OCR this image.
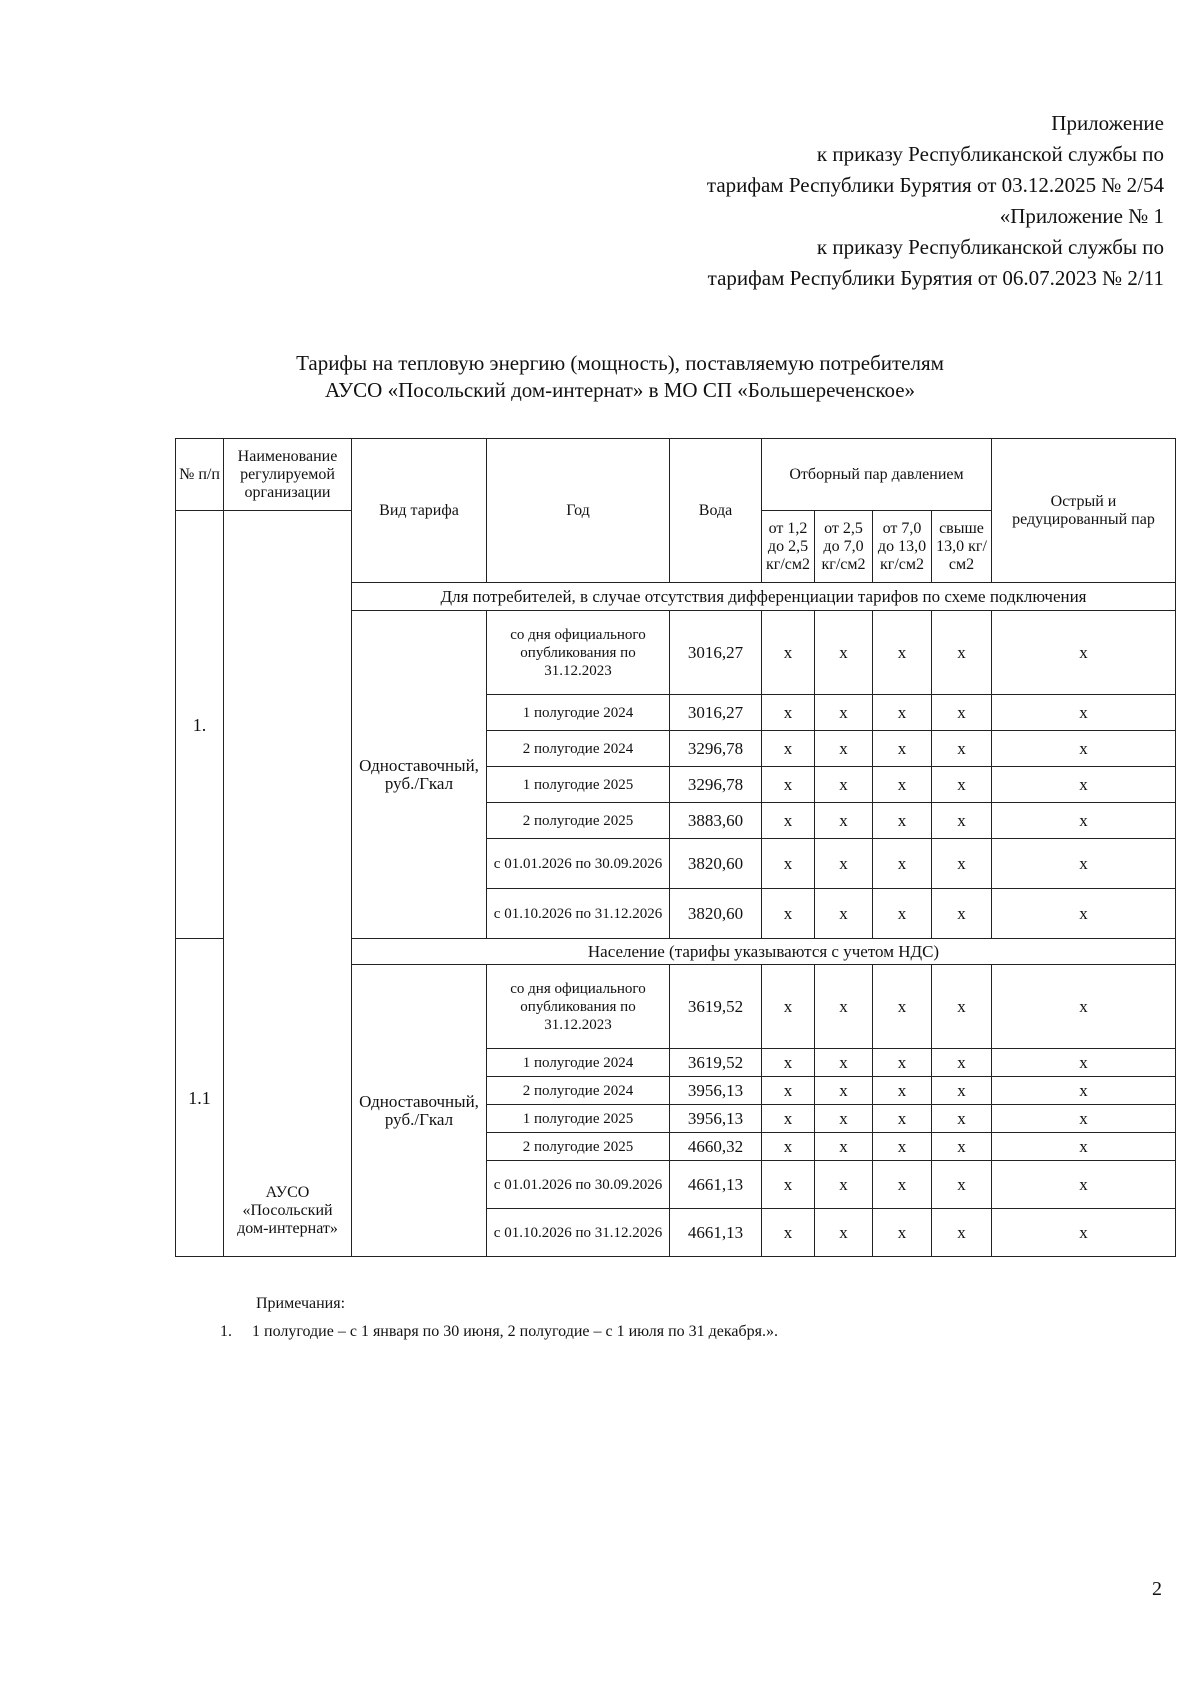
Приложение
к приказу Республиканской службы по
тарифам Республики Бурятия от 03.12.2025 № 2/54
«Приложение № 1
к приказу Республиканской службы по
тарифам Республики Бурятия от 06.07.2023 № 2/11
Тарифы на тепловую энергию (мощность), поставляемую потребителям
АУСО «Посольский дом-интернат» в МО СП «Большереченское»
№ п/п	Наименование регулируемой организации	Вид тарифа	Год	Вода	Отборный пар давлением				Острый и редуцированный пар
1.	АУСО «Посольский дом-интернат»				от 1,2 до 2,5 кг/см2	от 2,5 до 7,0 кг/см2	от 7,0 до 13,0 кг/см2	свыше 13,0 кг/см2	
		Для потребителей, в случае отсутствия дифференциации тарифов по схеме подключения							
		Одноставочный, руб./Гкал	со дня официального опубликования по 31.12.2023	3016,27	х	х	х	х	х
			1 полугодие 2024	3016,27	х	х	х	х	х
			2 полугодие 2024	3296,78	х	х	х	х	х
			1 полугодие 2025	3296,78	х	х	х	х	х
			2 полугодие 2025	3883,60	х	х	х	х	х
			с 01.01.2026 по 30.09.2026	3820,60	х	х	х	х	х
			с 01.10.2026 по 31.12.2026	3820,60	х	х	х	х	х
1.1		Население (тарифы указываются с учетом НДС)							
		Одноставочный, руб./Гкал	со дня официального опубликования по 31.12.2023	3619,52	х	х	х	х	х
			1 полугодие 2024	3619,52	х	х	х	х	х
			2 полугодие 2024	3956,13	х	х	х	х	х
			1 полугодие 2025	3956,13	х	х	х	х	х
			2 полугодие 2025	4660,32	х	х	х	х	х
			с 01.01.2026 по 30.09.2026	4661,13	х	х	х	х	х
			с 01.10.2026 по 31.12.2026	4661,13	х	х	х	х	х
Примечания:
1. 1 полугодие – с 1 января по 30 июня, 2 полугодие – с 1 июля по 31 декабря.».
2
